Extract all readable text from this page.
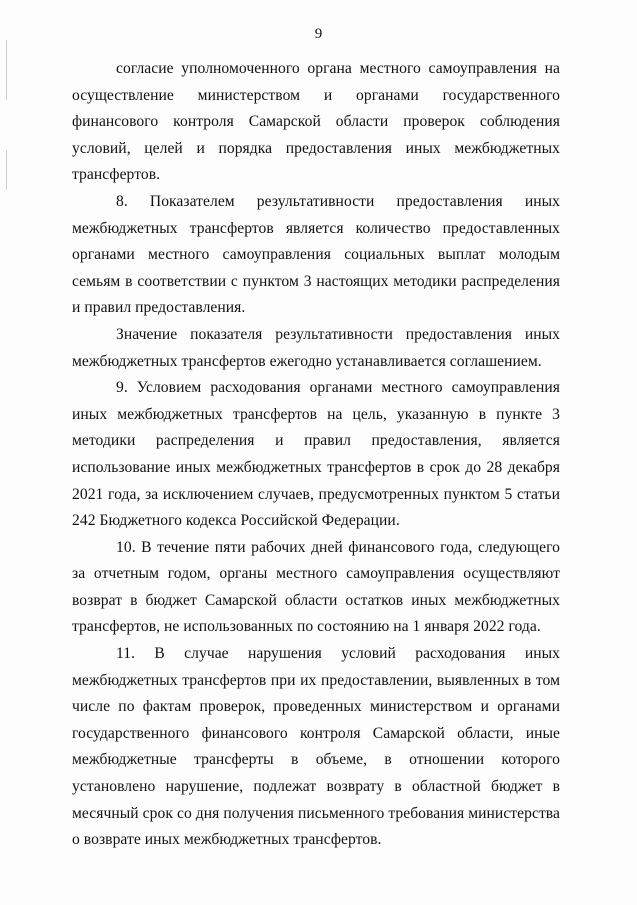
9

согласие уполномоченного органа местного самоуправления на осуществление министерством и органами государственного финансового контроля Самарской области проверок соблюдения условий, целей и порядка предоставления иных межбюджетных трансфертов.

8. Показателем результативности предоставления иных межбюджетных трансфертов является количество предоставленных органами местного самоуправления социальных выплат молодым семьям в соответствии с пунктом 3 настоящих методики распределения и правил предоставления.

Значение показателя результативности предоставления иных межбюджетных трансфертов ежегодно устанавливается соглашением.

9. Условием расходования органами местного самоуправления иных межбюджетных трансфертов на цель, указанную в пункте 3 методики распределения и правил предоставления, является использование иных межбюджетных трансфертов в срок до 28 декабря 2021 года, за исключением случаев, предусмотренных пунктом 5 статьи 242 Бюджетного кодекса Российской Федерации.

10. В течение пяти рабочих дней финансового года, следующего за отчетным годом, органы местного самоуправления осуществляют возврат в бюджет Самарской области остатков иных межбюджетных трансфертов, не использованных по состоянию на 1 января 2022 года.

11. В случае нарушения условий расходования иных межбюджетных трансфертов при их предоставлении, выявленных в том числе по фактам проверок, проведенных министерством и органами государственного финансового контроля Самарской области, иные межбюджетные трансферты в объеме, в отношении которого установлено нарушение, подлежат возврату в областной бюджет в месячный срок со дня получения письменного требования министерства о возврате иных межбюджетных трансфертов.
